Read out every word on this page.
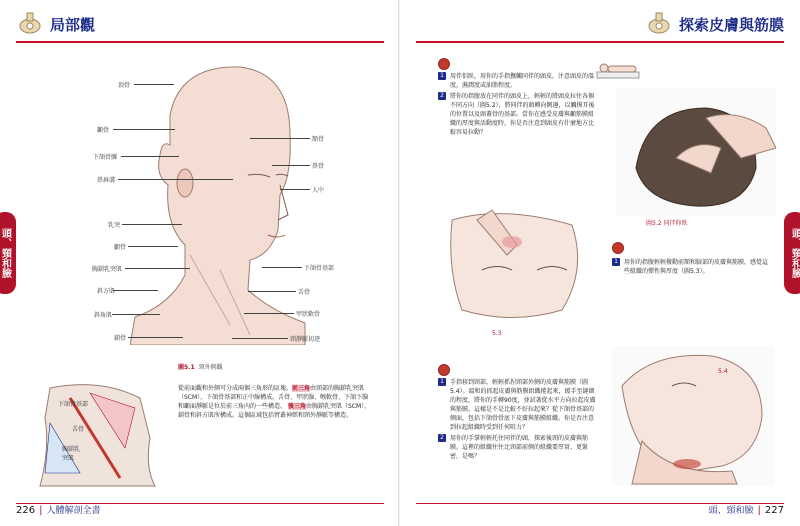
局部觀
頭、頸和臉
頂骨
顳骨
下頜骨髁
鼻唇溝
乳突
顱骨
胸鎖乳突肌
斜方肌
斜角肌
鎖骨
額骨
鼻骨
人中
下頜骨基部
舌骨
甲狀軟骨
頸靜脈切迹
圖5.1 頸外側觀
下頜骨基部
舌骨
胸鎖乳突肌
從前面觀和外側可分成兩個三角形的區塊。前三角由頸部的胸鎖乳突肌（SCM）、下頜骨基部和正中線構成。舌骨、甲狀腺、喉軟骨、下頜下腺和顳面靜脈是位於前三角內的一些構造。 後三角由胸鎖乳突肌（SCM）、鎖骨和斜方肌所構成。這個區域包括臂叢神經和頸外靜脈等構造。
226 | 人體解剖全書
探索皮膚與筋膜
頭、頸和臉
1	用伴侶臥，用你的手指撫觸同伴的頭皮，注意頭皮的溫度，濕潤度或油脂程度。
2	將你的指腹放在同伴的頭皮上，輕輕的將頭皮拉往各個不同方向（圖5.2），將同伴的頭轉向側邊，以觸摸耳後的位置以及頭蓋骨的基部。當你在感受皮膚與顳筋膜組織的厚度與活動度時，你是否注意到頭皮有什麼地方比較容易拉動？
圖5.2 同伴仰臥
5.3
1	用你的指腹輕輕撥動前額和臉部的皮膚與筋膜，感覺這些組織的彈性與厚度（圖5.3）。
1	手指移到頸部，輕輕抓捏頸部外側的皮膚與筋膜（圖5.4）。溫和的抓起皮膚與筋膜組織捲起來，緩手至縫細的程度，將你的手轉90度，並試著從水平方向拉起皮膚與筋膜。這樣是不是比較不好拉起來？從下頜骨基部的側面，包括下頜骨骨底下皮膚與筋膜組織。你是否注意到拉起組織時受到任何阻力？
2	用你的手掌輕輕托住同伴的頭，探索後頸的皮膚與筋膜。這裡的組織往往比頸部前側的組織要厚實、更緊密，是嗎？
5.4
頭、頸和臉 | 227
